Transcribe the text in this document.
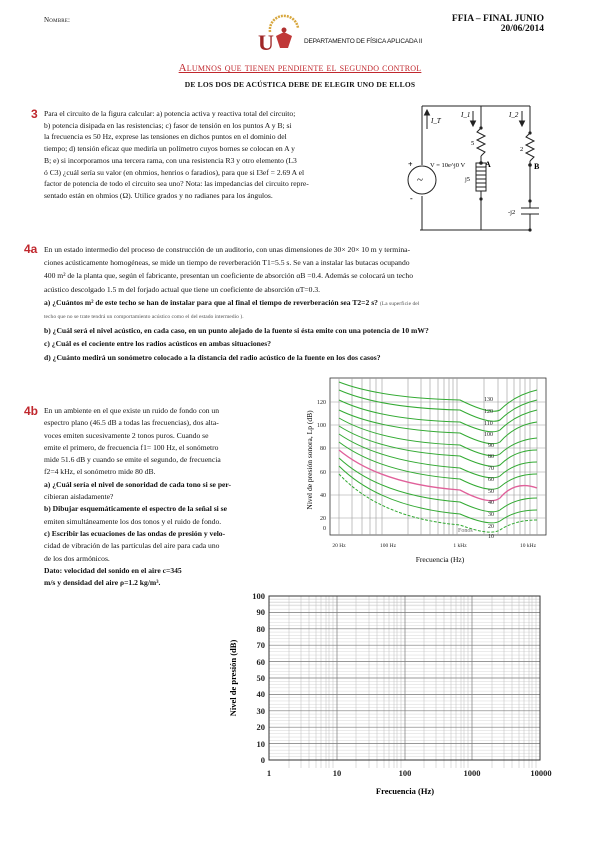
Nombre:
U	DEPARTAMENTO DE FÍSICA APLICADA II
FFIA – FINAL JUNIO
20/06/2014
Alumnos que tienen pendiente el segundo control
DE LOS DOS DE ACÚSTICA DEBE DE ELEGIR UNO DE ELLOS
3 Para el circuito de la figura calcular: a) potencia activa y reactiva total del circuito;
b) potencia disipada en las resistencias; c) fasor de tensión en los puntos A y B; si
la frecuencia es 50 Hz, exprese las tensiones en dichos puntos en el dominio del
tiempo; d) tensión eficaz que mediría un polímetro cuyos bornes se colocan en A y
B; e) si incorporamos una tercera rama, con una resistencia R3 y otro elemento (L3
ó C3) ¿cuál sería su valor (en ohmios, henrios o faradios), para que si I3ef = 2.69 A el
factor de potencia de todo el circuito sea uno? Nota: las impedancias del circuito repre-
sentado están en ohmios (Ω). Utilice grados y no radianes para los ángulos.
I_T
I_1	I_2
~
+
-
V = 10e^j0 V
5
j5
A
2
B
-j2
4a En un estado intermedio del proceso de construcción de un auditorio, con unas dimensiones de 30× 20× 10 m y termina-
ciones acústicamente homogéneas, se mide un tiempo de reverberación T1=5.5 s. Se van a instalar las butacas ocupando
400 m² de la planta que, según el fabricante, presentan un coeficiente de absorción αB =0.4. Además se colocará un techo
acústico descolgado 1.5 m del forjado actual que tiene un coeficiente de absorción αT=0.3.
a) ¿Cuántos m² de este techo se han de instalar para que al final el tiempo de reverberación sea T2=2 s? (La superficie del
techo que no se trate tendrá un comportamiento acústico como el del estado intermedio ).
b) ¿Cuál será el nivel acústico, en cada caso, en un punto alejado de la fuente si ésta emite con una potencia de 10 mW?
c) ¿Cuál es el cociente entre los radios acústicos en ambas situaciones?
d) ¿Cuánto medirá un sonómetro colocado a la distancia del radio acústico de la fuente en los dos casos?
4b En un ambiente en el que existe un ruido de fondo con un
espectro plano (46.5 dB a todas las frecuencias), dos alta-
voces emiten sucesivamente 2 tonos puros. Cuando se
emite el primero, de frecuencia f1= 100 Hz, el sonómetro
mide 51.6 dB y cuando se emite el segundo, de frecuencia
f2=4 kHz, el sonómetro mide 80 dB.
a) ¿Cuál sería el nivel de sonoridad de cada tono si se per-
cibieran aisladamente?
b) Dibujar esquemáticamente el espectro de la señal si se
emiten simultáneamente los dos tonos y el ruido de fondo.
c) Escribir las ecuaciones de las ondas de presión y velo-
cidad de vibración de las partículas del aire para cada uno
de los dos armónicos.
Dato: velocidad del sonido en el aire c=345
m/s y densidad del aire ρ=1.2 kg/m³.
130
120
110
100
90
80
70
60
50
40
30
20
10
Fonos
120
100
80
60
40
20
0
20 Hz	100 Hz	1 kHz	10 kHz
Frecuencia (Hz)
Nivel de presión sonora, Lp (dB)
100
90
80
70
60
50
40
30
20
10
0
1	10	100	1000	10000
Frecuencia (Hz)
Nivel de presión (dB)
